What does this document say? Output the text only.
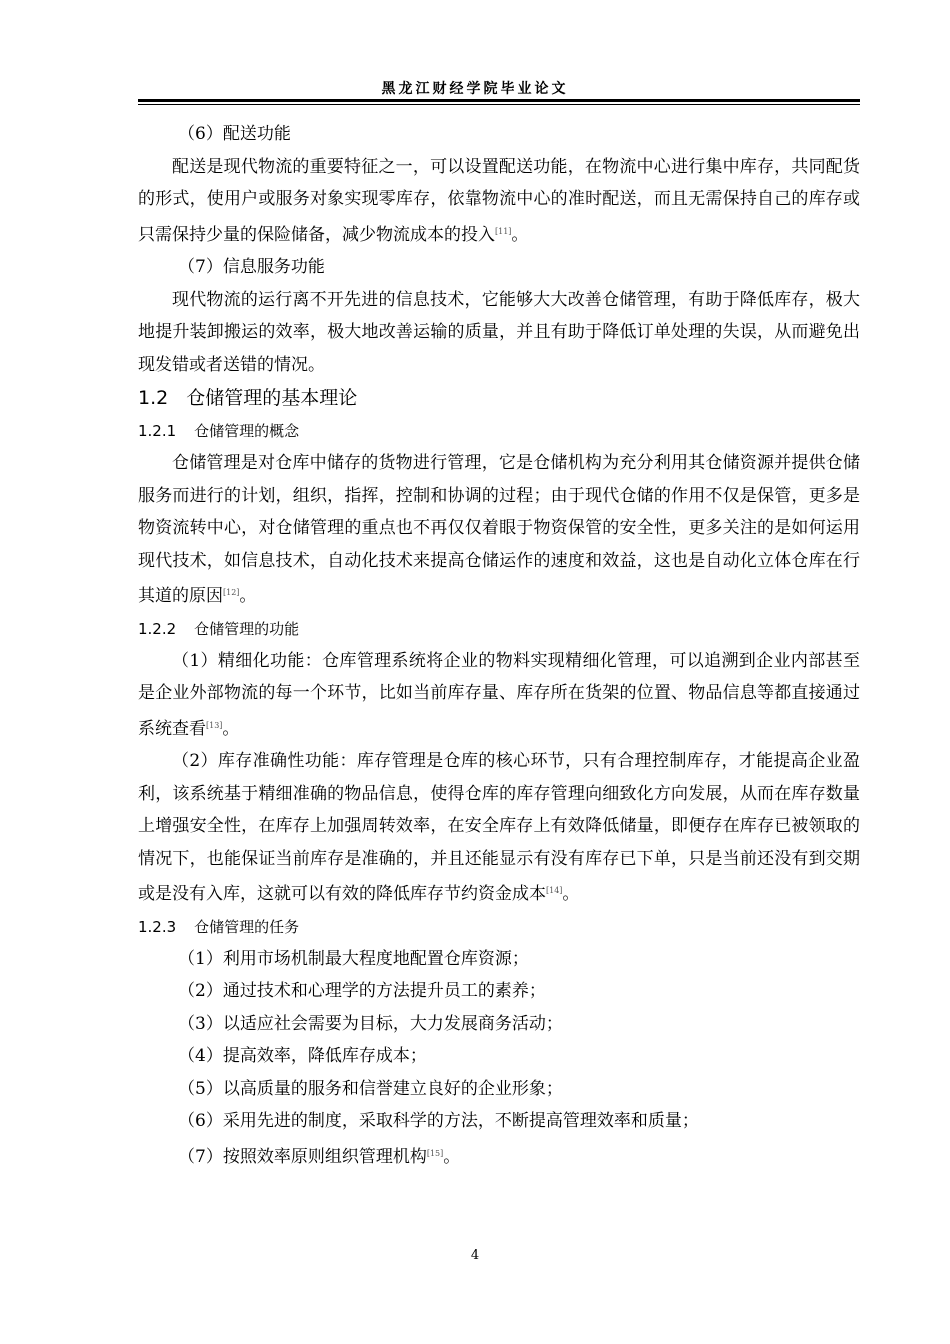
黑龙江财经学院毕业论文

（6）配送功能

配送是现代物流的重要特征之一，可以设置配送功能，在物流中心进行集中库存，共同配货的形式，使用户或服务对象实现零库存，依靠物流中心的准时配送，而且无需保持自己的库存或只需保持少量的保险储备，减少物流成本的投入[11]。

（7）信息服务功能

现代物流的运行离不开先进的信息技术，它能够大大改善仓储管理，有助于降低库存，极大地提升装卸搬运的效率，极大地改善运输的质量，并且有助于降低订单处理的失误，从而避免出现发错或者送错的情况。

1.2 仓储管理的基本理论

1.2.1 仓储管理的概念

仓储管理是对仓库中储存的货物进行管理，它是仓储机构为充分利用其仓储资源并提供仓储服务而进行的计划，组织，指挥，控制和协调的过程；由于现代仓储的作用不仅是保管，更多是物资流转中心，对仓储管理的重点也不再仅仅着眼于物资保管的安全性，更多关注的是如何运用现代技术，如信息技术，自动化技术来提高仓储运作的速度和效益，这也是自动化立体仓库在行其道的原因[12]。

1.2.2 仓储管理的功能

（1）精细化功能：仓库管理系统将企业的物料实现精细化管理，可以追溯到企业内部甚至是企业外部物流的每一个环节，比如当前库存量、库存所在货架的位置、物品信息等都直接通过系统查看[13]。

（2）库存准确性功能：库存管理是仓库的核心环节，只有合理控制库存，才能提高企业盈利，该系统基于精细准确的物品信息，使得仓库的库存管理向细致化方向发展，从而在库存数量上增强安全性，在库存上加强周转效率，在安全库存上有效降低储量，即便存在库存已被领取的情况下，也能保证当前库存是准确的，并且还能显示有没有库存已下单，只是当前还没有到交期或是没有入库，这就可以有效的降低库存节约资金成本[14]。

1.2.3 仓储管理的任务

（1）利用市场机制最大程度地配置仓库资源；

（2）通过技术和心理学的方法提升员工的素养；

（3）以适应社会需要为目标，大力发展商务活动；

（4）提高效率，降低库存成本；

（5）以高质量的服务和信誉建立良好的企业形象；

（6）采用先进的制度，采取科学的方法，不断提高管理效率和质量；

（7）按照效率原则组织管理机构[15]。

4
